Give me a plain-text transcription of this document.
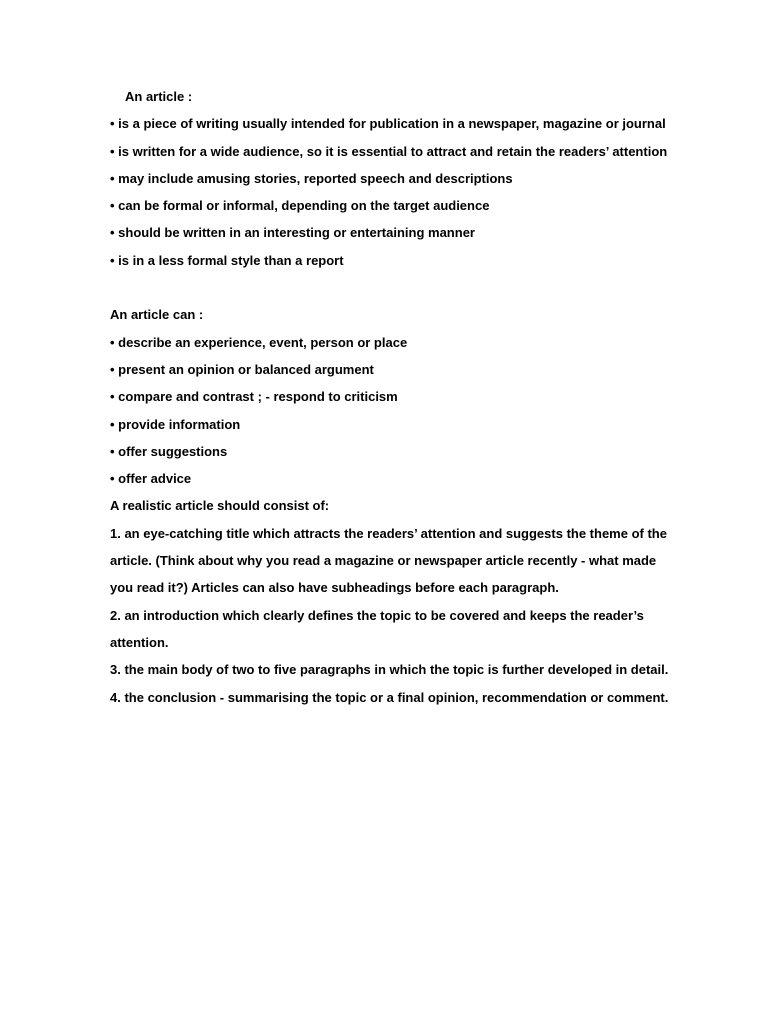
An article :
• is a piece of writing usually intended for publication in a newspaper, magazine or journal
• is written for a wide audience, so it is essential to attract and retain the readers’ attention
• may include amusing stories, reported speech and descriptions
• can be formal or informal, depending on the target audience
• should be written in an interesting or entertaining manner
• is in a less formal style than a report
An article can :
• describe an experience, event, person or place
• present an opinion or balanced argument
• compare and contrast ; - respond to criticism
• provide information
• offer suggestions
• offer advice
A realistic article should consist of:
1. an eye-catching title which attracts the readers’ attention and suggests the theme of the
article. (Think about why you read a magazine or newspaper article recently - what made
you read it?) Articles can also have subheadings before each paragraph.
2. an introduction which clearly defines the topic to be covered and keeps the reader’s
attention.
3. the main body of two to five paragraphs in which the topic is further developed in detail.
4. the conclusion - summarising the topic or a final opinion, recommendation or comment.
